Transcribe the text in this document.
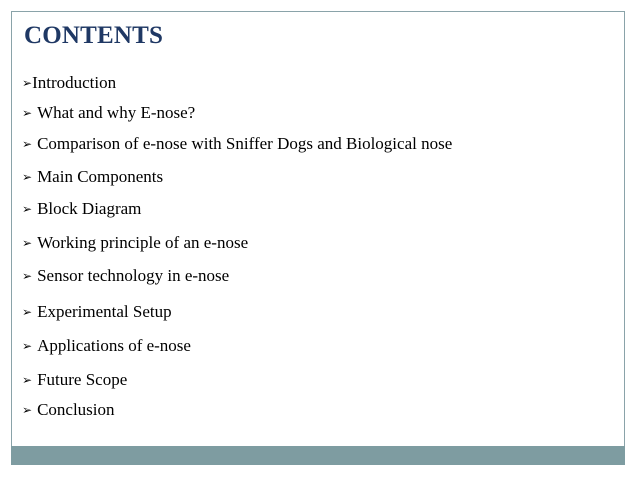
CONTENTS
➢Introduction
➢ What and why E-nose?
➢ Comparison of e-nose with Sniffer Dogs and Biological nose
➢ Main Components
➢ Block Diagram
➢ Working principle of an e-nose
➢ Sensor technology in e-nose
➢ Experimental Setup
➢ Applications of e-nose
➢ Future Scope
➢ Conclusion
